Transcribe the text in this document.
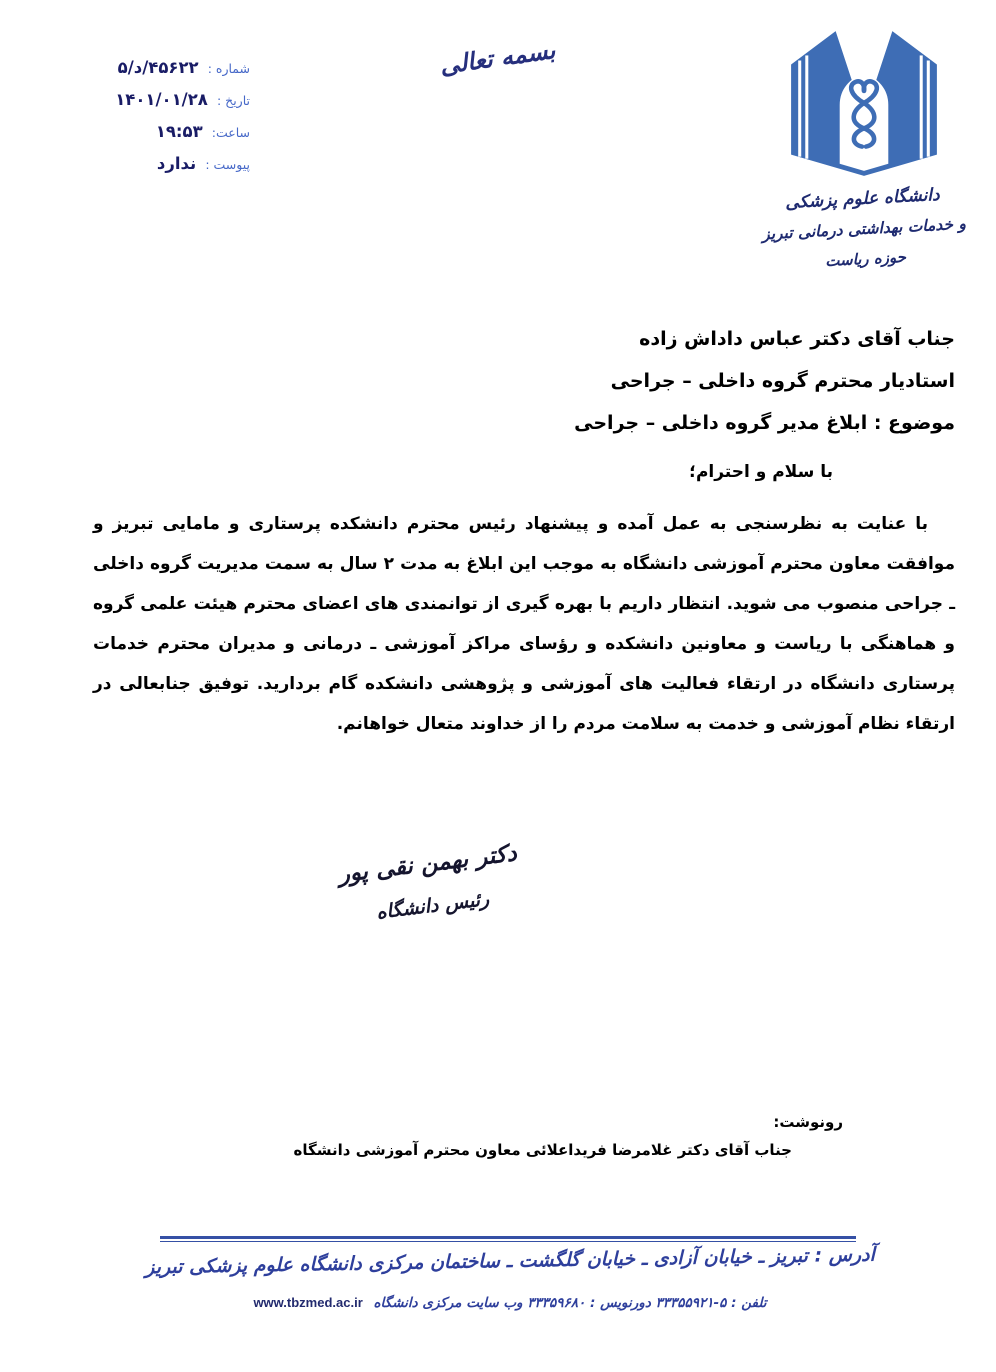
شماره : ۵/د/۴۵۶۲۲
تاریخ : ۱۴۰۱/۰۱/۲۸
ساعت: ۱۹:۵۳
پیوست : ندارد
بسمه تعالی
دانشگاه علوم پزشکی
و خدمات بهداشتی درمانی تبریز
حوزه ریاست
جناب آقای دکتر عباس داداش زاده
استادیار محترم گروه داخلی – جراحی
موضوع : ابلاغ مدیر گروه داخلی – جراحی
با سلام و احترام؛
با عنایت به نظرسنجی به عمل آمده و پیشنهاد رئیس محترم دانشکده پرستاری و مامایی تبریز و موافقت معاون محترم آموزشی دانشگاه به موجب این ابلاغ به مدت ۲ سال به سمت مدیریت گروه داخلی ـ جراحی منصوب می شوید. انتظار داریم با بهره گیری از توانمندی های اعضای محترم هیئت علمی گروه و هماهنگی با ریاست و معاونین دانشکده و رؤسای مراکز آموزشی ـ درمانی و مدیران محترم خدمات پرستاری دانشگاه در ارتقاء فعالیت های آموزشی و پژوهشی دانشکده گام بردارید. توفیق جنابعالی در ارتقاء نظام آموزشی و خدمت به سلامت مردم را از خداوند متعال خواهانم.
دکتر بهمن نقی پور
رئیس دانشگاه
رونوشت:
جناب آقای دکتر غلامرضا فریداعلائی معاون محترم آموزشی دانشگاه
آدرس : تبریز ـ خیابان آزادی ـ خیابان گلگشت ـ ساختمان مرکزی دانشگاه علوم پزشکی تبریز
تلفن : ۵-۳۳۳۵۵۹۲۱ دورنویس : ۳۳۳۵۹۶۸۰ وب سایت مرکزی دانشگاه www.tbzmed.ac.ir
